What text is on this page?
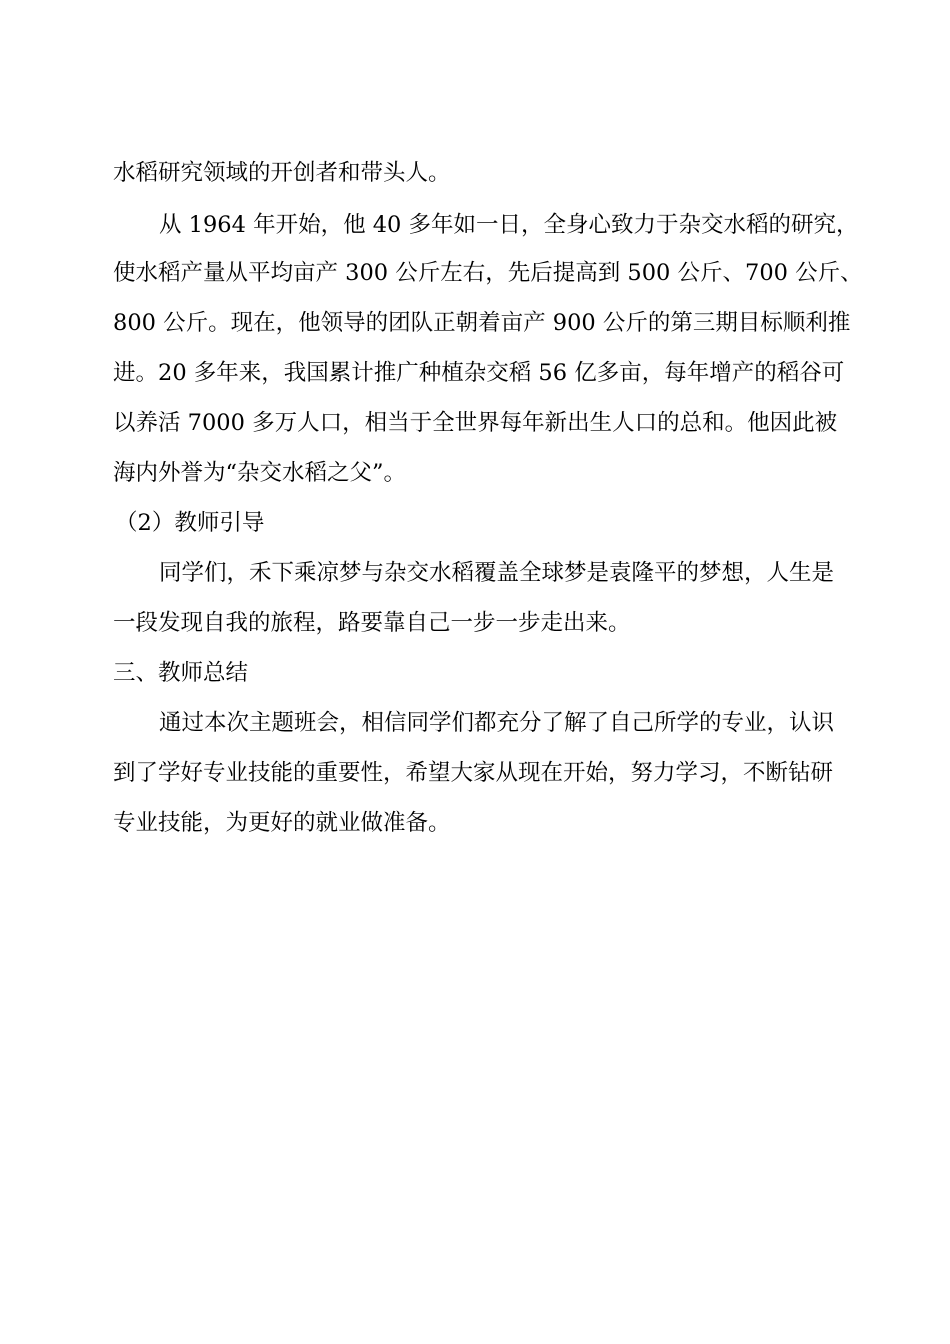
水稻研究领域的开创者和带头人。
从 1964 年开始，他 40 多年如一日，全身心致力于杂交水稻的研究，
使水稻产量从平均亩产 300 公斤左右，先后提高到 500 公斤、700 公斤、
800 公斤。现在，他领导的团队正朝着亩产 900 公斤的第三期目标顺利推
进。20 多年来，我国累计推广种植杂交稻 56 亿多亩，每年增产的稻谷可
以养活 7000 多万人口，相当于全世界每年新出生人口的总和。他因此被
海内外誉为“杂交水稻之父”。
（2）教师引导
同学们，禾下乘凉梦与杂交水稻覆盖全球梦是袁隆平的梦想，人生是
一段发现自我的旅程，路要靠自己一步一步走出来。
三、教师总结
通过本次主题班会，相信同学们都充分了解了自己所学的专业，认识
到了学好专业技能的重要性，希望大家从现在开始，努力学习，不断钻研
专业技能，为更好的就业做准备。
